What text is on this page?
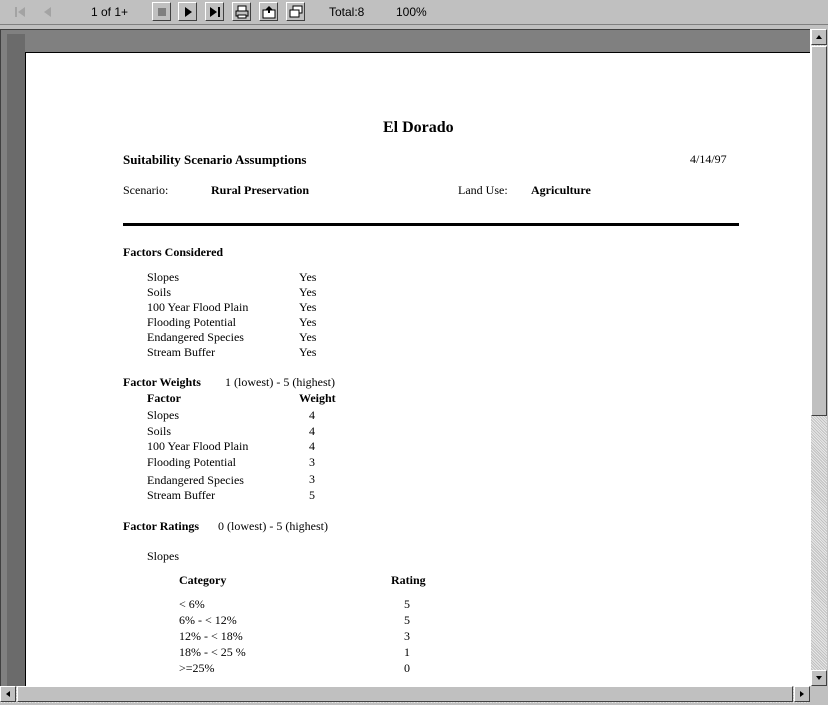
1 of 1+	Total:8	100%
El Dorado
Suitability Scenario Assumptions	4/14/97
Scenario:	Rural Preservation	Land Use: Agriculture
Factors Considered
Slopes	Yes
Soils	Yes
100 Year Flood Plain	Yes
Flooding Potential	Yes
Endangered Species	Yes
Stream Buffer	Yes
Factor Weights 1 (lowest) - 5 (highest)
Factor	Weight
Slopes	4
Soils	4
100 Year Flood Plain	4
Flooding Potential	3
Endangered Species	3
Stream Buffer	5
Factor Ratings 0 (lowest) - 5 (highest)
Slopes
Category	Rating
< 6%	5
6% - < 12%	5
12% - < 18%	3
18% - < 25 %	1
>=25%	0
